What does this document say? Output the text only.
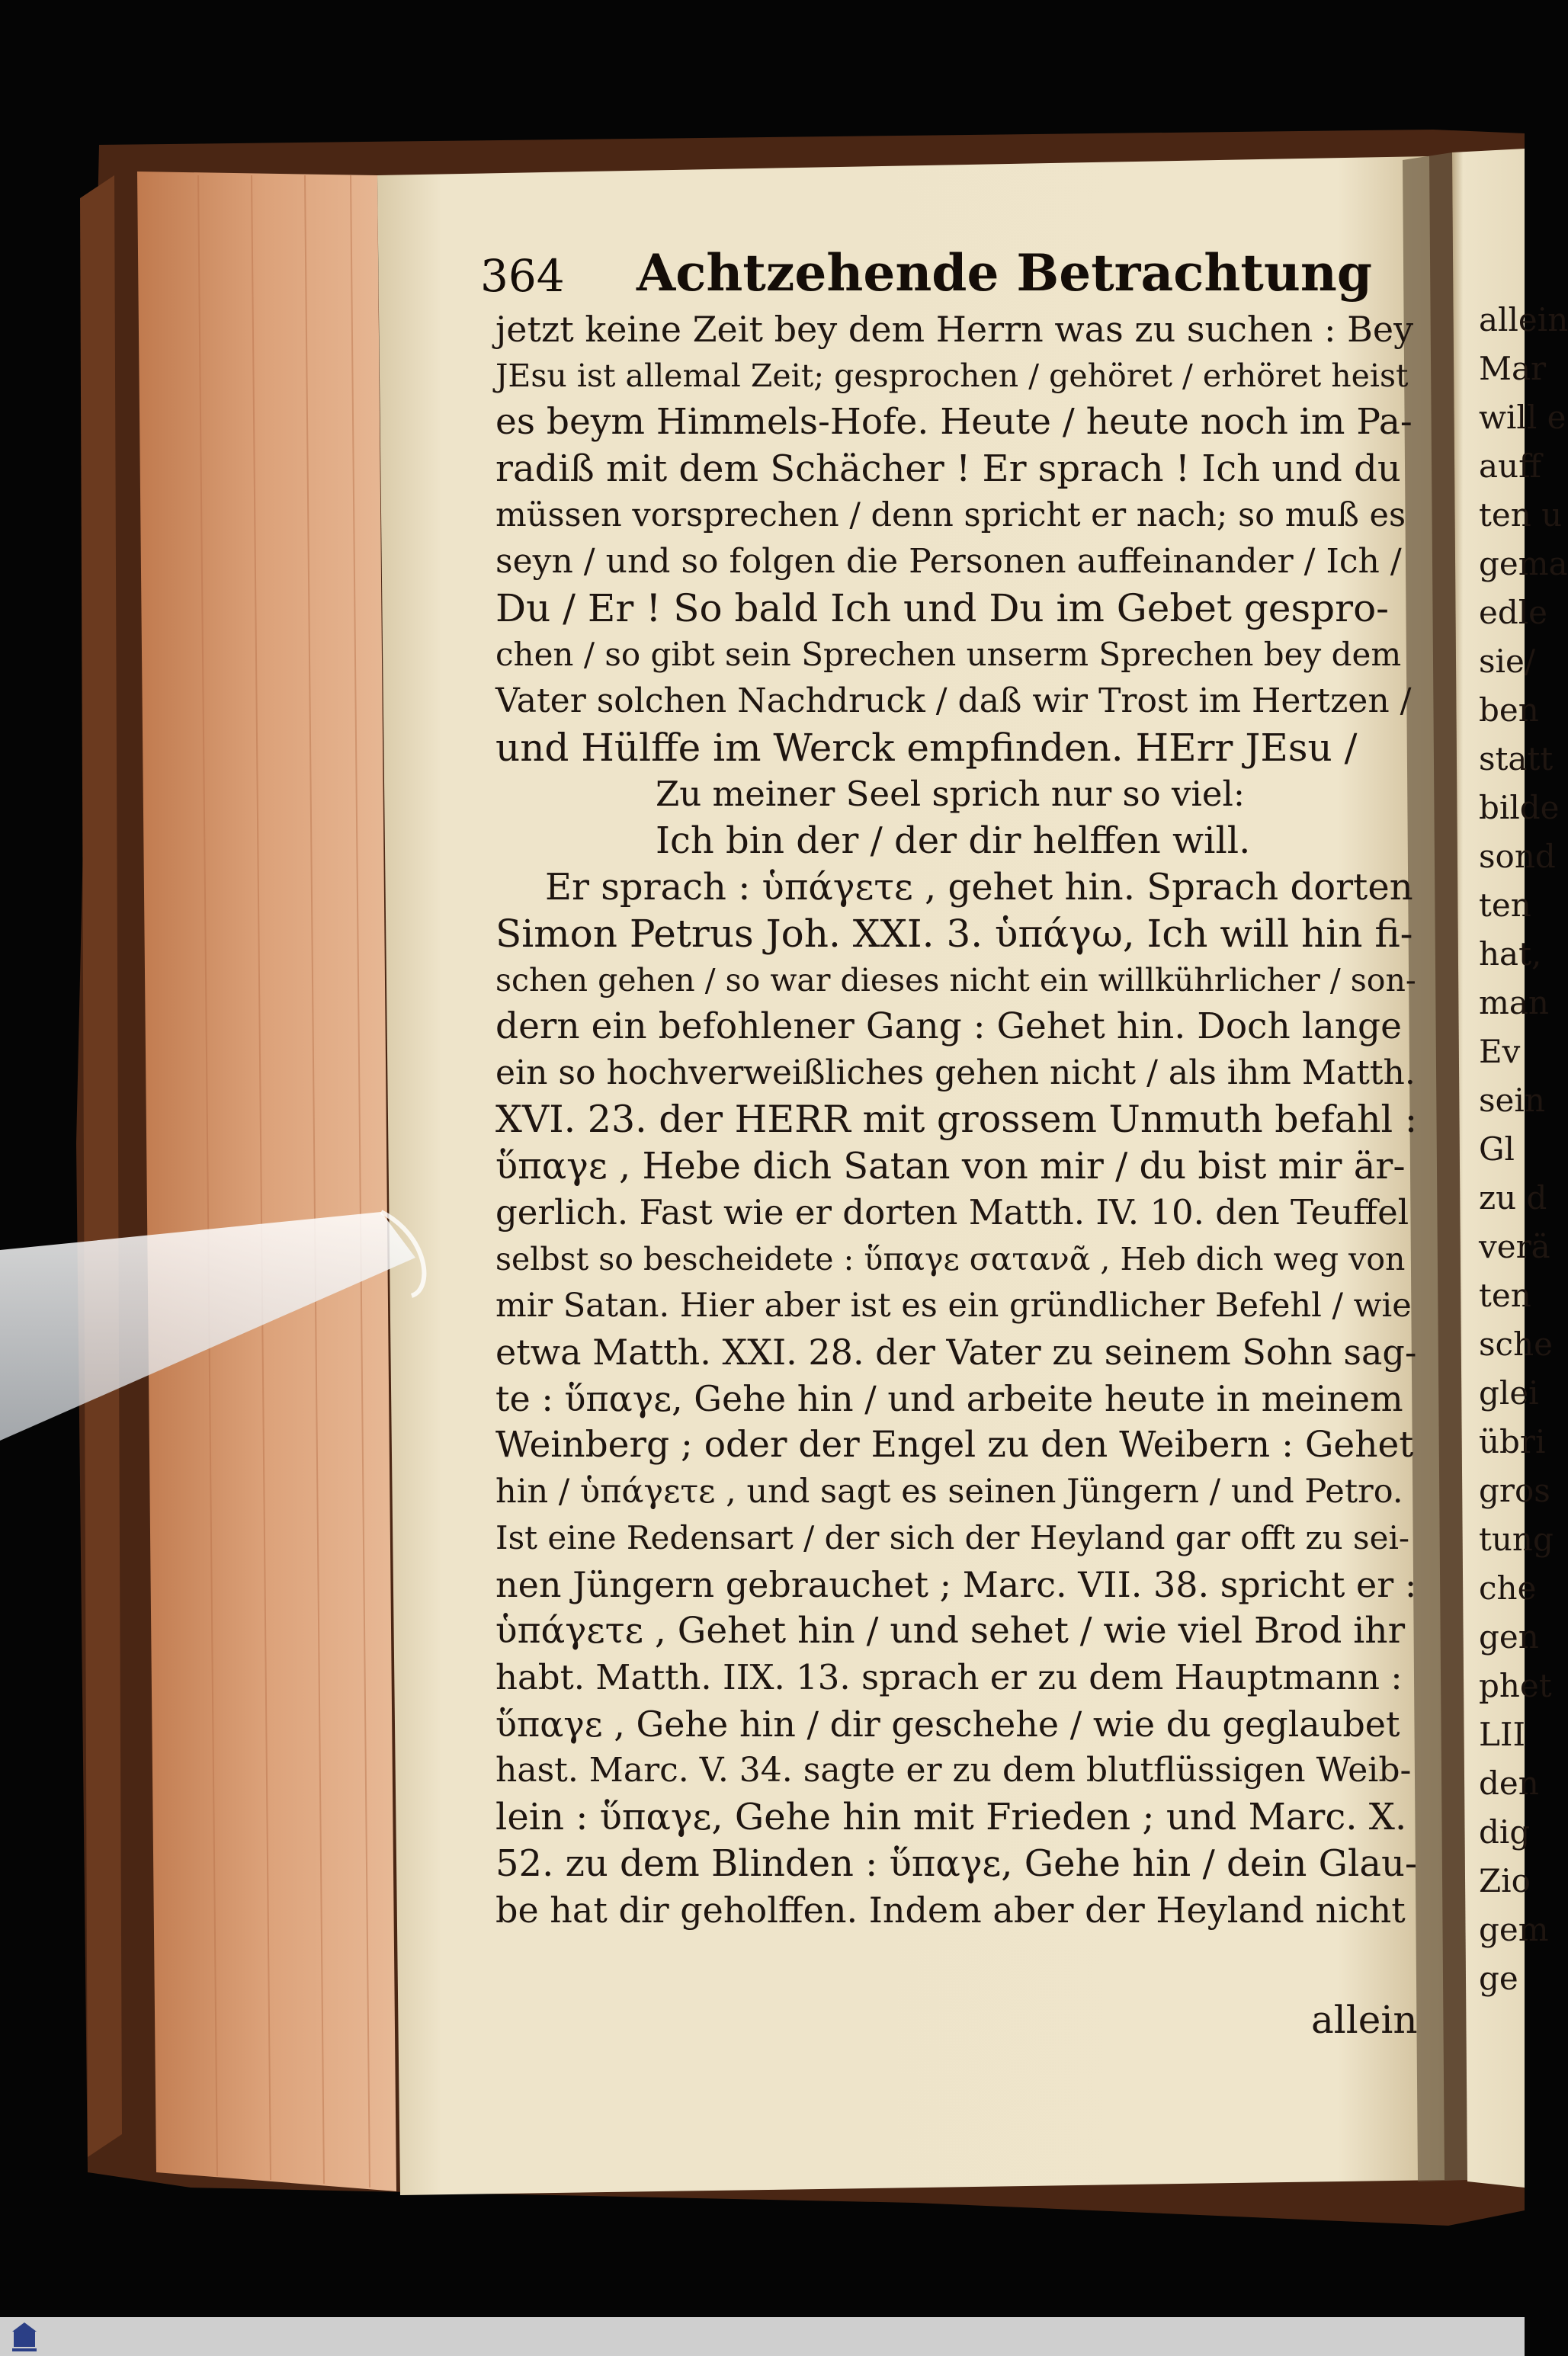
364 Achtzehende Betrachtung
jetzt keine Zeit bey dem Herrn was zu suchen : Bey
JEsu ist allemal Zeit; gesprochen / gehöret / erhöret heist
es beym Himmels-Hofe. Heute / heute noch im Pa-
radiß mit dem Schächer ! Er sprach ! Ich und du
müssen vorsprechen / denn spricht er nach; so muß es
seyn / und so folgen die Personen auffeinander / Ich /
Du / Er ! So bald Ich und Du im Gebet gespro-
chen / so gibt sein Sprechen unserm Sprechen bey dem
Vater solchen Nachdruck / daß wir Trost im Hertzen /
und Hülffe im Werck empfinden. HErr JEsu /
Zu meiner Seel sprich nur so viel:
Ich bin der / der dir helffen will.
Er sprach : ὑπάγετε , gehet hin. Sprach dorten
Simon Petrus Joh. XXI. 3. ὑπάγω, Ich will hin fi-
schen gehen / so war dieses nicht ein willkührlicher / son-
dern ein befohlener Gang : Gehet hin. Doch lange
ein so hochverweißliches gehen nicht / als ihm Matth.
XVI. 23. der HERR mit grossem Unmuth befahl :
ὕπαγε , Hebe dich Satan von mir / du bist mir är-
gerlich. Fast wie er dorten Matth. IV. 10. den Teuffel
selbst so bescheidete : ὕπαγε σατανᾶ , Heb dich weg von
mir Satan. Hier aber ist es ein gründlicher Befehl / wie
etwa Matth. XXI. 28. der Vater zu seinem Sohn sag-
te : ὕπαγε, Gehe hin / und arbeite heute in meinem
Weinberg ; oder der Engel zu den Weibern : Gehet
hin / ὑπάγετε , und sagt es seinen Jüngern / und Petro.
Ist eine Redensart / der sich der Heyland gar offt zu sei-
nen Jüngern gebrauchet ; Marc. VII. 38. spricht er :
ὑπάγετε , Gehet hin / und sehet / wie viel Brod ihr
habt. Matth. IIX. 13. sprach er zu dem Hauptmann :
ὕπαγε , Gehe hin / dir geschehe / wie du geglaubet
hast. Marc. V. 34. sagte er zu dem blutflüssigen Weib-
lein : ὕπαγε, Gehe hin mit Frieden ; und Marc. X.
52. zu dem Blinden : ὕπαγε, Gehe hin / dein Glau-
be hat dir geholffen. Indem aber der Heyland nicht
allein
allein
Mar
will e
auff
ten u
gema
edle
sie/
ben
statt
bilde
sond
ten
hat,
man
Ev
sein
Gl
zu d
verä
ten
sche
glei
übri
gros
tung
che
gen
phet
LII
den
dig
Zio
gem
ge
